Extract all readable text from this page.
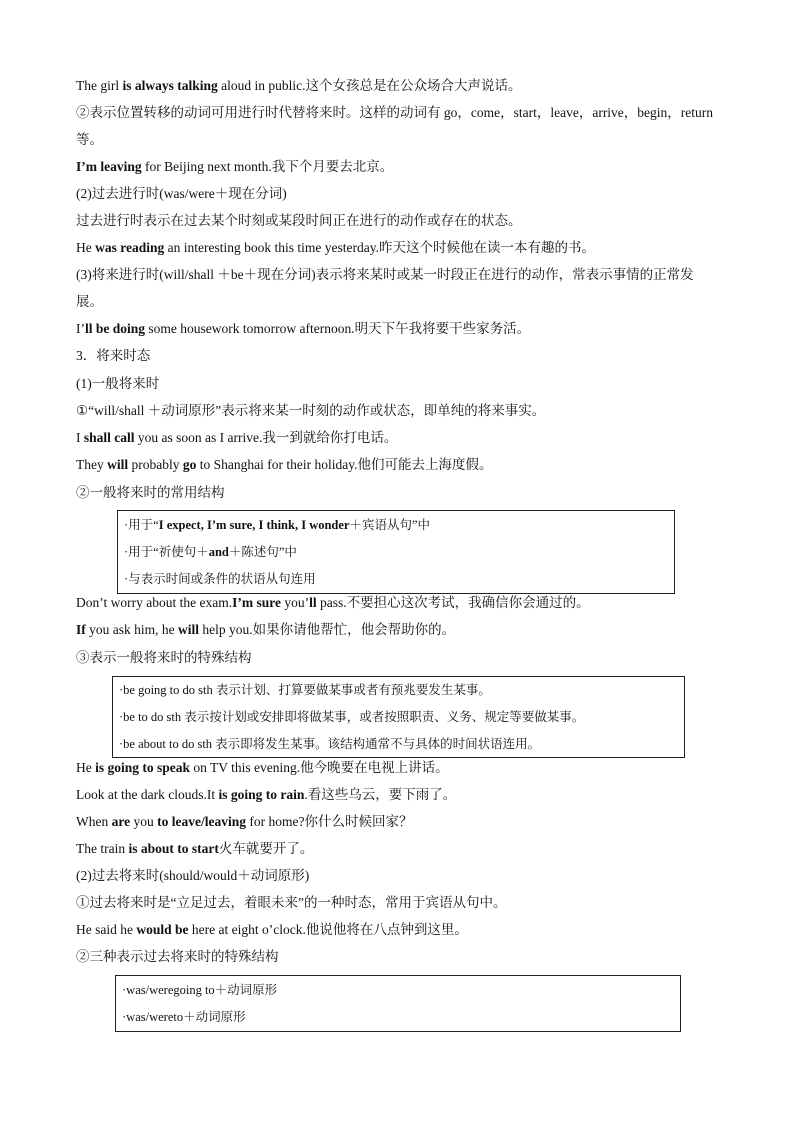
The girl is always talking aloud in public.这个女孩总是在公众场合大声说话。
②表示位置转移的动词可用进行时代替将来时。这样的动词有 go，come，start，leave，arrive，begin，return
等。
I’m leaving for Beijing next month.我下个月要去北京。
(2)过去进行时(was/were＋现在分词)
过去进行时表示在过去某个时刻或某段时间正在进行的动作或存在的状态。
He was reading an interesting book this time yesterday.昨天这个时候他在读一本有趣的书。
(3)将来进行时(will/shall ＋be＋现在分词)表示将来某时或某一时段正在进行的动作，常表示事情的正常发
展。
I’ll be doing some housework tomorrow afternoon.明天下午我将要干些家务活。
3．将来时态
(1)一般将来时
①“will/shall ＋动词原形”表示将来某一时刻的动作或状态，即单纯的将来事实。
I shall call you as soon as I arrive.我一到就给你打电话。
They will probably go to Shanghai for their holiday.他们可能去上海度假。
②一般将来时的常用结构
·用于“I expect, I’m sure, I think, I wonder＋宾语从句”中
·用于“祈使句＋and＋陈述句”中
·与表示时间或条件的状语从句连用
Don’t worry about the exam.I’m sure you’ll pass.不要担心这次考试，我确信你会通过的。
If you ask him, he will help you.如果你请他帮忙，他会帮助你的。
③表示一般将来时的特殊结构
·be going to do sth 表示计划、打算要做某事或者有预兆要发生某事。
·be to do sth 表示按计划或安排即将做某事，或者按照职责、义务、规定等要做某事。
·be about to do sth 表示即将发生某事。该结构通常不与具体的时间状语连用。
He is going to speak on TV this evening.他今晚要在电视上讲话。
Look at the dark clouds.It is going to rain.看这些乌云，要下雨了。
When are you to leave/leaving for home?你什么时候回家？
The train is about to start火车就要开了。
(2)过去将来时(should/would＋动词原形)
①过去将来时是“立足过去，着眼未来”的一种时态，常用于宾语从句中。
He said he would be here at eight o’clock.他说他将在八点钟到这里。
②三种表示过去将来时的特殊结构
·was/weregoing to＋动词原形
·was/wereto＋动词原形
